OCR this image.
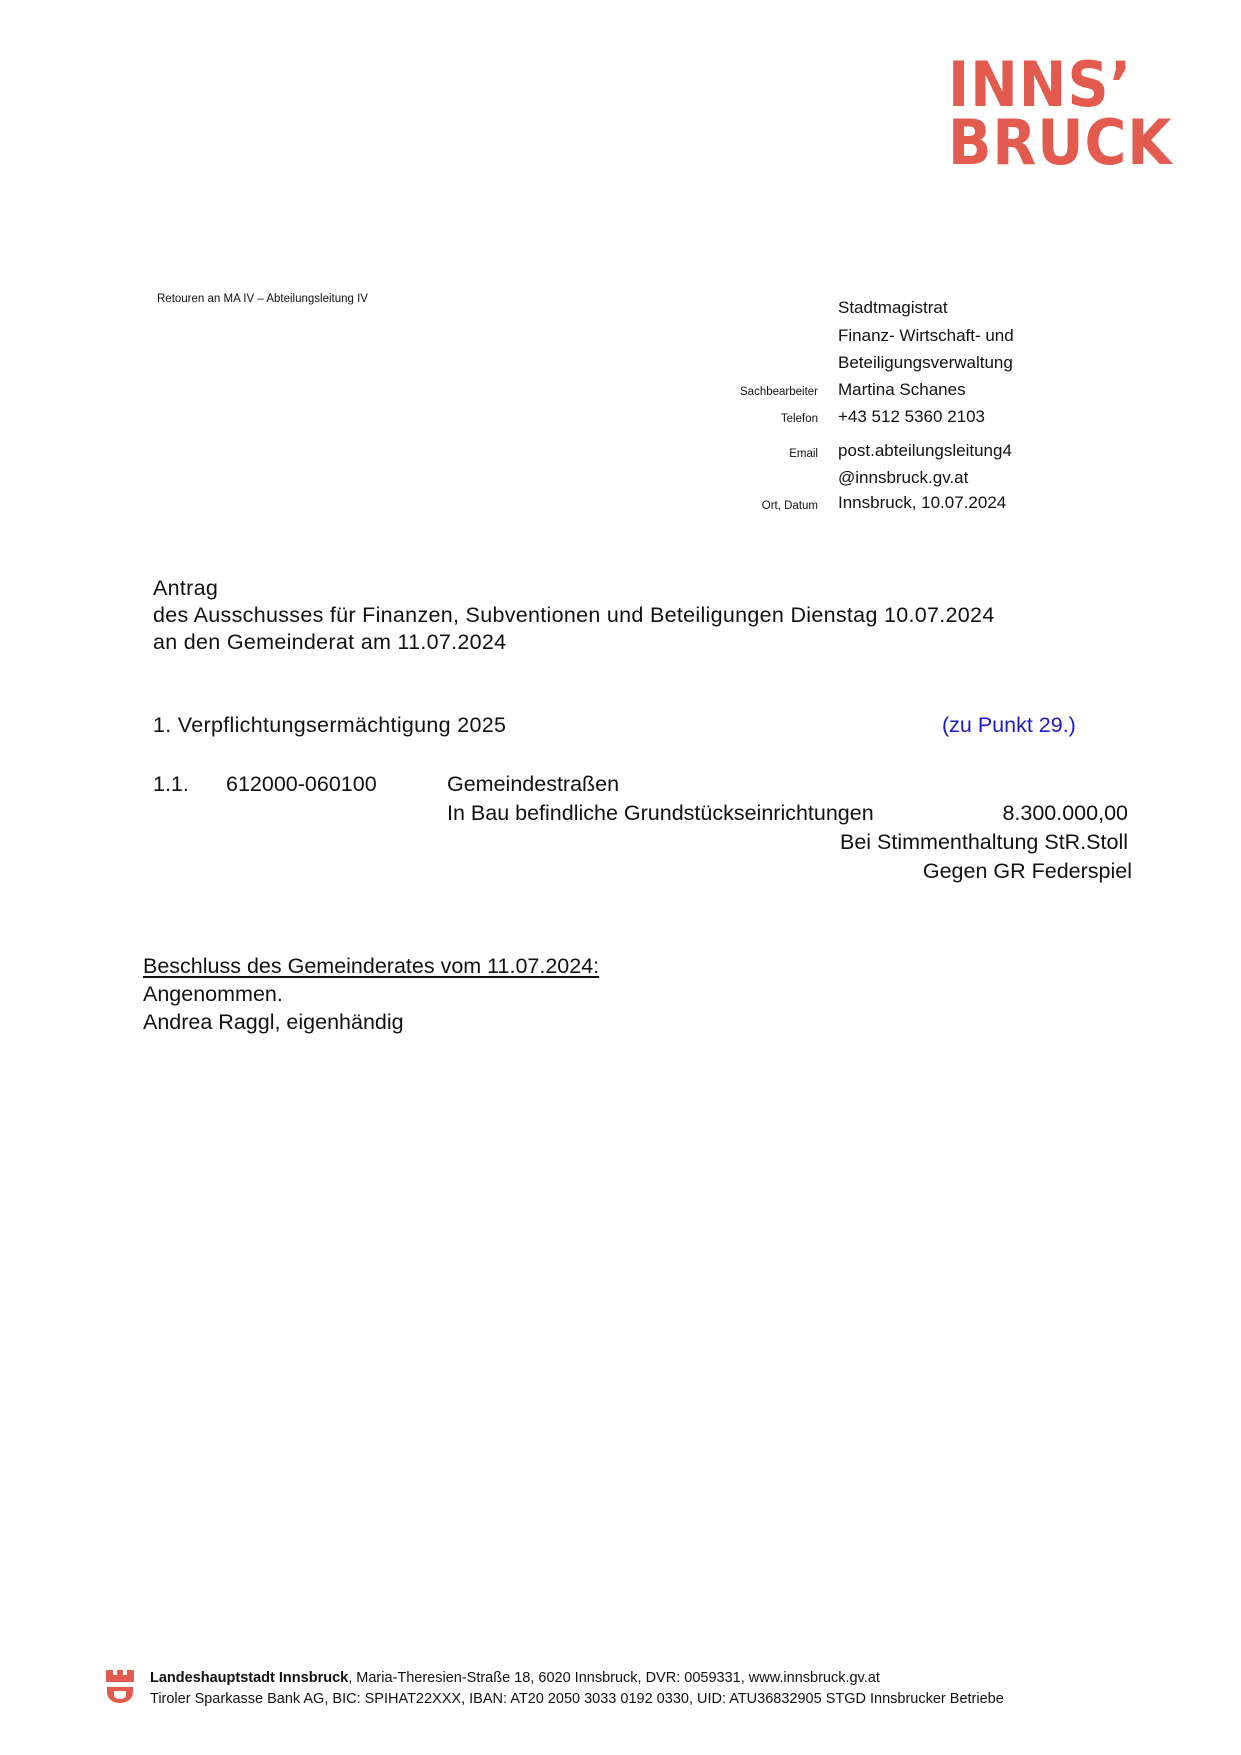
INNS’
BRUCK
Retouren an MA IV – Abteilungsleitung IV	Stadtmagistrat
Finanz- Wirtschaft- und
Beteiligungsverwaltung
Sachbearbeiter Martina Schanes
Telefon +43 512 5360 2103
Email post.abteilungsleitung4
@innsbruck.gv.at
Ort, Datum Innsbruck, 10.07.2024
Antrag
des Ausschusses für Finanzen, Subventionen und Beteiligungen Dienstag 10.07.2024
an den Gemeinderat am 11.07.2024
1. Verpflichtungsermächtigung 2025	(zu Punkt 29.)
1.1. 612000-060100	Gemeindestraßen
In Bau befindliche Grundstückseinrichtungen	8.300.000,00
Bei Stimmenthaltung StR.Stoll
Gegen GR Federspiel
Beschluss des Gemeinderates vom 11.07.2024:
Angenommen.
Andrea Raggl, eigenhändig
Landeshauptstadt Innsbruck, Maria-Theresien-Straße 18, 6020 Innsbruck, DVR: 0059331, www.innsbruck.gv.at
Tiroler Sparkasse Bank AG, BIC: SPIHAT22XXX, IBAN: AT20 2050 3033 0192 0330, UID: ATU36832905 STGD Innsbrucker Betriebe
